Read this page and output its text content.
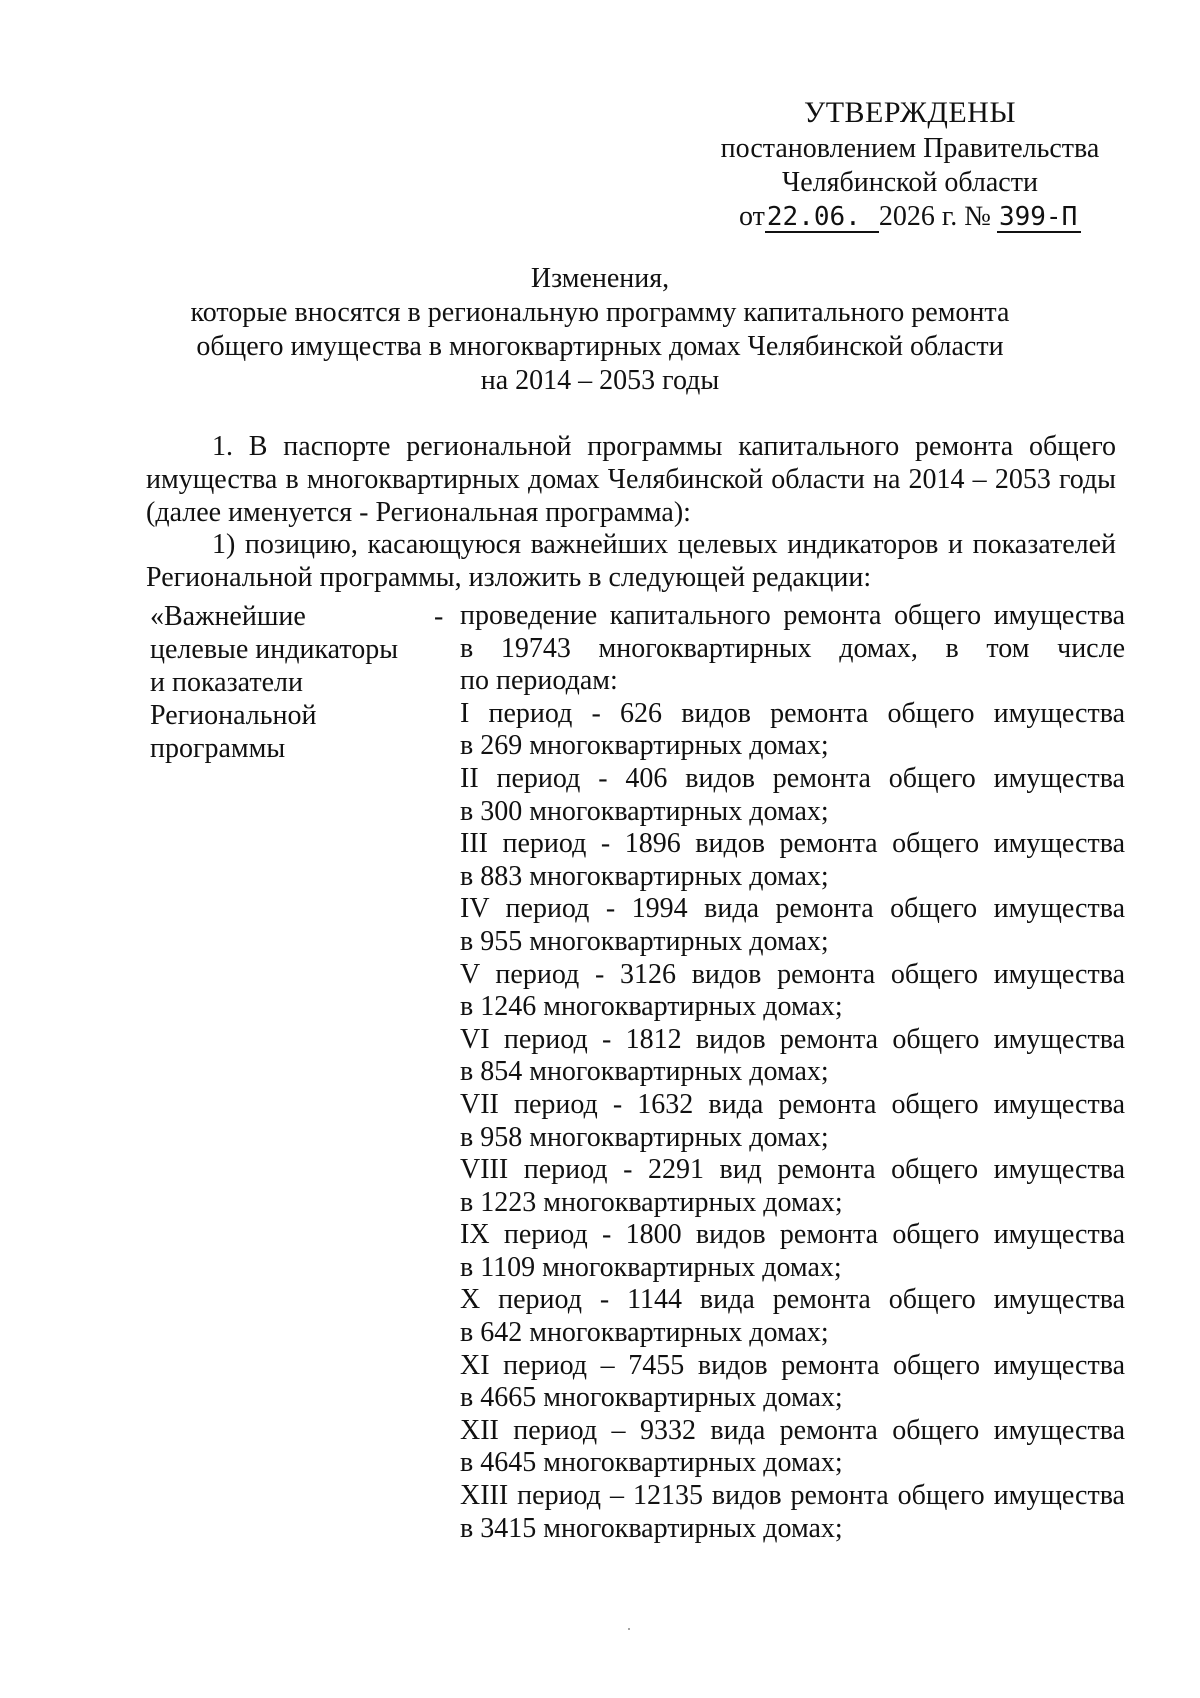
УТВЕРЖДЕНЫ
постановлением Правительства
Челябинской области
от22.06. 2026 г. № 399-П
Изменения,
которые вносятся в региональную программу капитального ремонта
общего имущества в многоквартирных домах Челябинской области
на 2014 – 2053 годы
1. В паспорте региональной программы капитального ремонта общего имущества в многоквартирных домах Челябинской области на 2014 – 2053 годы (далее именуется - Региональная программа):
1) позицию, касающуюся важнейших целевых индикаторов и показателей Региональной программы, изложить в следующей редакции:
«Важнейшие
целевые индикаторы
и показатели
Региональной
программы
- проведение капитального ремонта общего имущества
в 19743 многоквартирных домах, в том числе
по периодам:
I период - 626 видов ремонта общего имущества
в 269 многоквартирных домах;
II период - 406 видов ремонта общего имущества
в 300 многоквартирных домах;
III период - 1896 видов ремонта общего имущества
в 883 многоквартирных домах;
IV период - 1994 вида ремонта общего имущества
в 955 многоквартирных домах;
V период - 3126 видов ремонта общего имущества
в 1246 многоквартирных домах;
VI период - 1812 видов ремонта общего имущества
в 854 многоквартирных домах;
VII период - 1632 вида ремонта общего имущества
в 958 многоквартирных домах;
VIII период - 2291 вид ремонта общего имущества
в 1223 многоквартирных домах;
IX период - 1800 видов ремонта общего имущества
в 1109 многоквартирных домах;
X период - 1144 вида ремонта общего имущества
в 642 многоквартирных домах;
XI период – 7455 видов ремонта общего имущества
в 4665 многоквартирных домах;
XII период – 9332 вида ремонта общего имущества
в 4645 многоквартирных домах;
XIII период – 12135 видов ремонта общего имущества
в 3415 многоквартирных домах;
